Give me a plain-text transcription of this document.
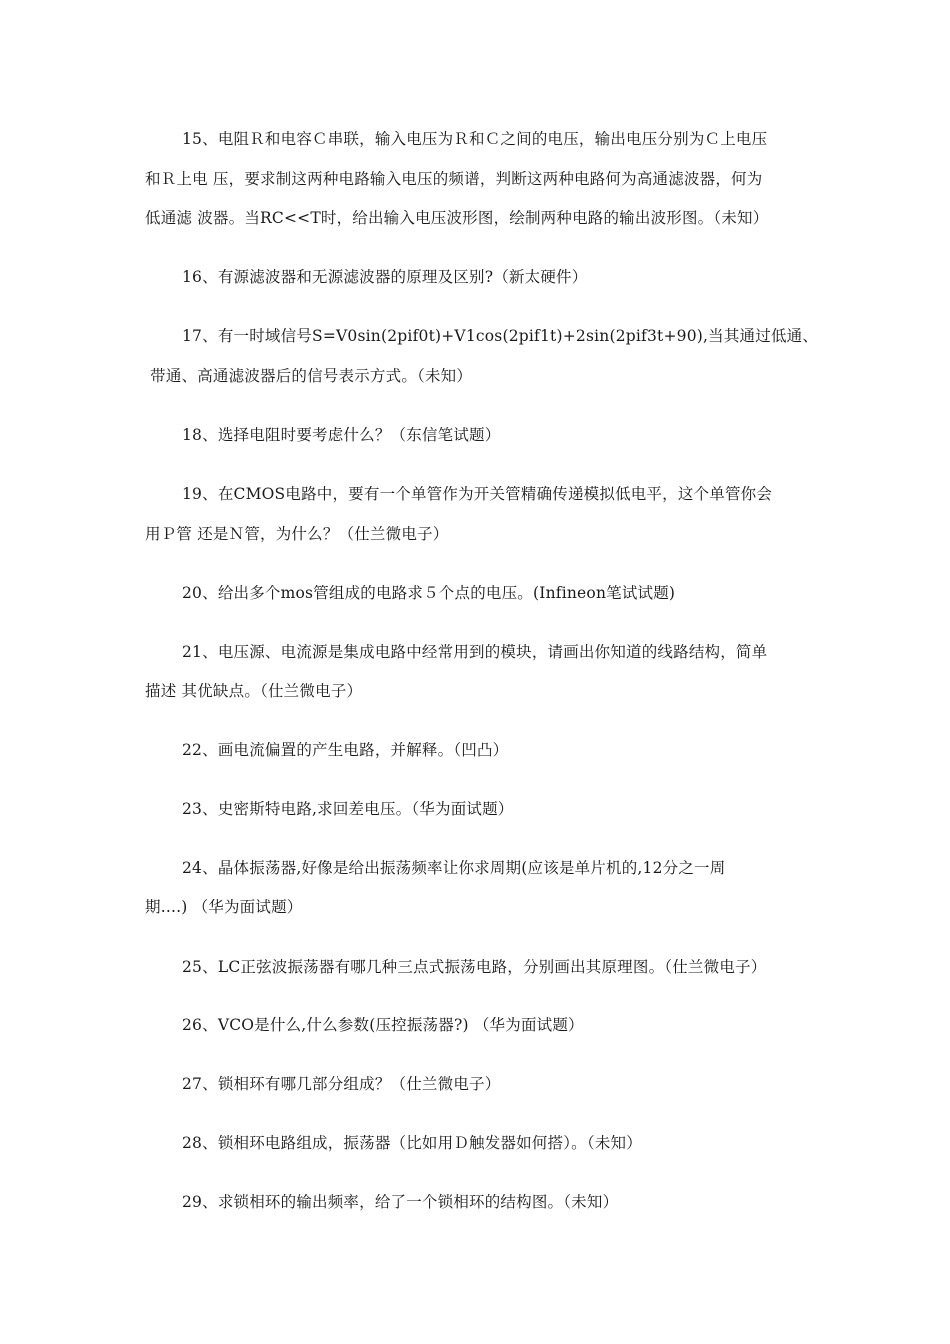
15、电阻Ｒ和电容Ｃ串联，输入电压为Ｒ和Ｃ之间的电压，输出电压分别为Ｃ上电压
和Ｒ上电 压，要求制这两种电路输入电压的频谱，判断这两种电路何为高通滤波器，何为
低通滤 波器。当RC<<T时，给出输入电压波形图，绘制两种电路的输出波形图。（未知）
16、有源滤波器和无源滤波器的原理及区别?（新太硬件）
17、有一时域信号S=V0sin(2pif0t)+V1cos(2pif1t)+2sin(2pif3t+90),当其通过低通、
带通、高通滤波器后的信号表示方式。（未知）
18、选择电阻时要考虑什么？（东信笔试题）
19、在CMOS电路中，要有一个单管作为开关管精确传递模拟低电平，这个单管你会
用Ｐ管 还是Ｎ管，为什么？（仕兰微电子）
20、给出多个mos管组成的电路求５个点的电压。(Infineon笔试试题)
21、电压源、电流源是集成电路中经常用到的模块，请画出你知道的线路结构，简单
描述 其优缺点。（仕兰微电子）
22、画电流偏置的产生电路，并解释。（凹凸）
23、史密斯特电路,求回差电压。（华为面试题）
24、晶体振荡器,好像是给出振荡频率让你求周期(应该是单片机的,12分之一周
期....) （华为面试题）
25、LC正弦波振荡器有哪几种三点式振荡电路，分别画出其原理图。（仕兰微电子）
26、VCO是什么,什么参数(压控振荡器?) （华为面试题）
27、锁相环有哪几部分组成？（仕兰微电子）
28、锁相环电路组成，振荡器（比如用Ｄ触发器如何搭）。（未知）
29、求锁相环的输出频率，给了一个锁相环的结构图。（未知）
